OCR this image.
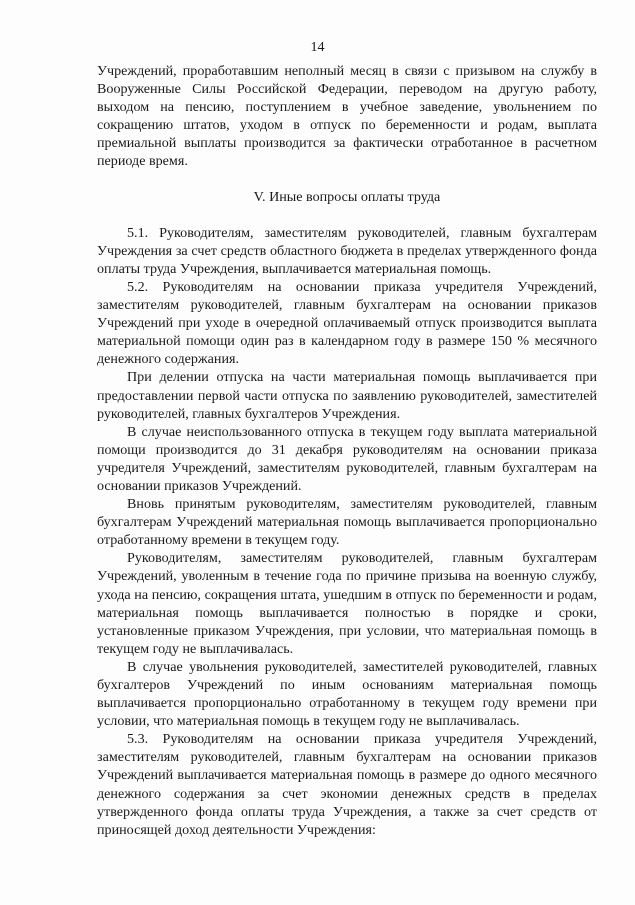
14

Учреждений, проработавшим неполный месяц в связи с призывом на службу в Вооруженные Силы Российской Федерации, переводом на другую работу, выходом на пенсию, поступлением в учебное заведение, увольнением по сокращению штатов, уходом в отпуск по беременности и родам, выплата премиальной выплаты производится за фактически отработанное в расчетном периоде время.

V. Иные вопросы оплаты труда

5.1. Руководителям, заместителям руководителей, главным бухгалтерам Учреждения за счет средств областного бюджета в пределах утвержденного фонда оплаты труда Учреждения, выплачивается материальная помощь.

5.2. Руководителям на основании приказа учредителя Учреждений, заместителям руководителей, главным бухгалтерам на основании приказов Учреждений при уходе в очередной оплачиваемый отпуск производится выплата материальной помощи один раз в календарном году в размере 150 % месячного денежного содержания.

При делении отпуска на части материальная помощь выплачивается при предоставлении первой части отпуска по заявлению руководителей, заместителей руководителей, главных бухгалтеров Учреждения.

В случае неиспользованного отпуска в текущем году выплата материальной помощи производится до 31 декабря руководителям на основании приказа учредителя Учреждений, заместителям руководителей, главным бухгалтерам на основании приказов Учреждений.

Вновь принятым руководителям, заместителям руководителей, главным бухгалтерам Учреждений материальная помощь выплачивается пропорционально отработанному времени в текущем году.

Руководителям, заместителям руководителей, главным бухгалтерам Учреждений, уволенным в течение года по причине призыва на военную службу, ухода на пенсию, сокращения штата, ушедшим в отпуск по беременности и родам, материальная помощь выплачивается полностью в порядке и сроки, установленные приказом Учреждения, при условии, что материальная помощь в текущем году не выплачивалась.

В случае увольнения руководителей, заместителей руководителей, главных бухгалтеров Учреждений по иным основаниям материальная помощь выплачивается пропорционально отработанному в текущем году времени при условии, что материальная помощь в текущем году не выплачивалась.

5.3. Руководителям на основании приказа учредителя Учреждений, заместителям руководителей, главным бухгалтерам на основании приказов Учреждений выплачивается материальная помощь в размере до одного месячного денежного содержания за счет экономии денежных средств в пределах утвержденного фонда оплаты труда Учреждения, а также за счет средств от приносящей доход деятельности Учреждения:
